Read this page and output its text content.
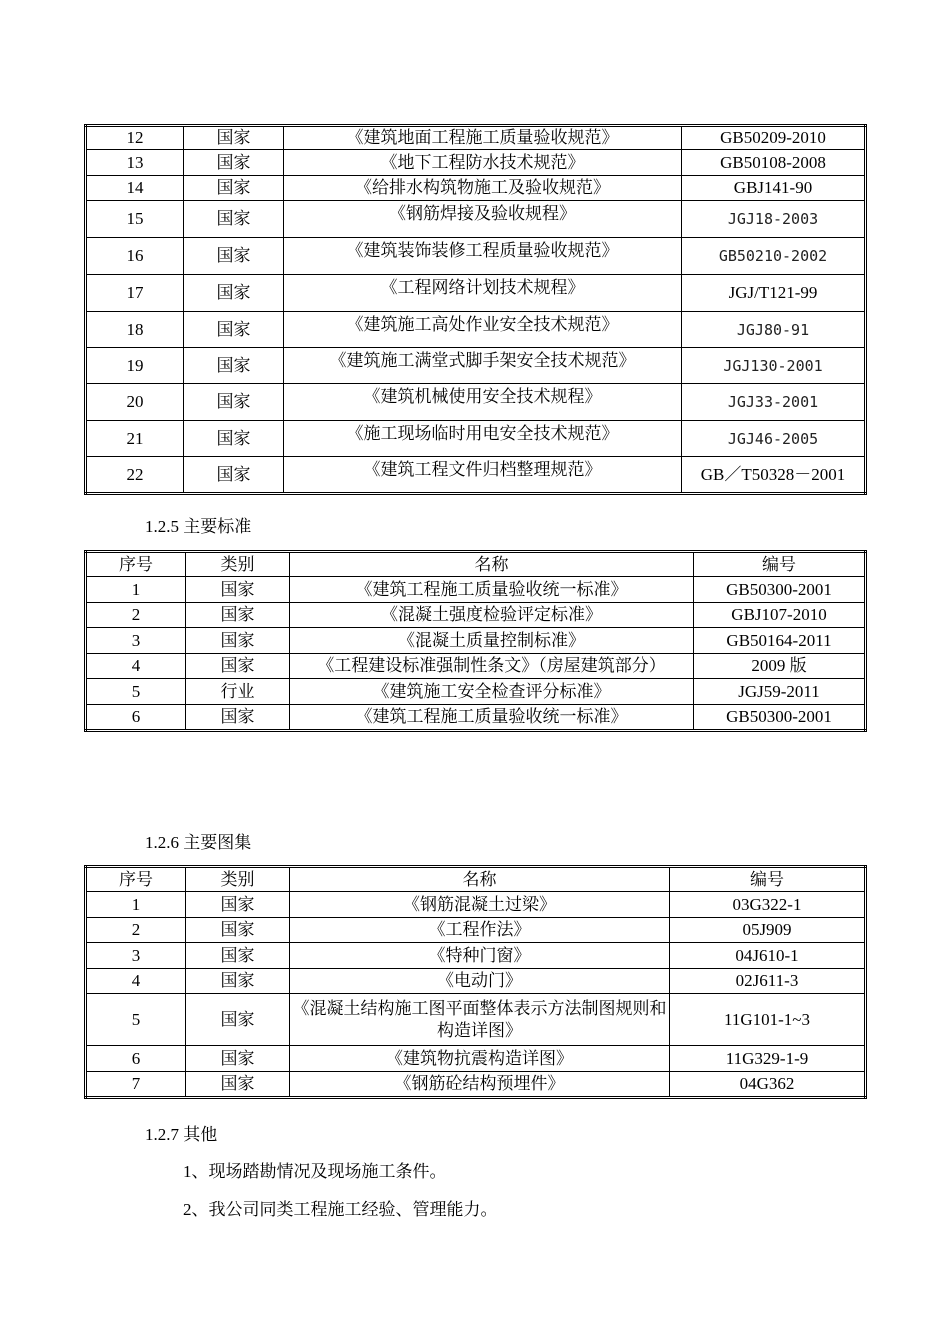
12	国家	《建筑地面工程施工质量验收规范》	GB50209-2010
13	国家	《地下工程防水技术规范》	GB50108-2008
14	国家	《给排水构筑物施工及验收规范》	GBJ141-90
15	国家	《钢筋焊接及验收规程》	JGJ18-2003
16	国家	《建筑装饰装修工程质量验收规范》	GB50210-2002
17	国家	《工程网络计划技术规程》	JGJ/T121-99
18	国家	《建筑施工高处作业安全技术规范》	JGJ80-91
19	国家	《建筑施工满堂式脚手架安全技术规范》	JGJ130-2001
20	国家	《建筑机械使用安全技术规程》	JGJ33-2001
21	国家	《施工现场临时用电安全技术规范》	JGJ46-2005
22	国家	《建筑工程文件归档整理规范》	GB／T50328－2001
1.2.5 主要标准
序号	类别	名称	编号
1	国家	《建筑工程施工质量验收统一标准》	GB50300-2001
2	国家	《混凝土强度检验评定标准》	GBJ107-2010
3	国家	《混凝土质量控制标准》	GB50164-2011
4	国家	《工程建设标准强制性条文》（房屋建筑部分）	2009 版
5	行业	《建筑施工安全检查评分标准》	JGJ59-2011
6	国家	《建筑工程施工质量验收统一标准》	GB50300-2001
1.2.6 主要图集
序号	类别	名称	编号
1	国家	《钢筋混凝土过梁》	03G322-1
2	国家	《工程作法》	05J909
3	国家	《特种门窗》	04J610-1
4	国家	《电动门》	02J611-3
5	国家	《混凝土结构施工图平面整体表示方法制图规则和构造详图》	11G101-1~3
6	国家	《建筑物抗震构造详图》	11G329-1-9
7	国家	《钢筋砼结构预埋件》	04G362
1.2.7 其他
1、现场踏勘情况及现场施工条件。
2、我公司同类工程施工经验、管理能力。
